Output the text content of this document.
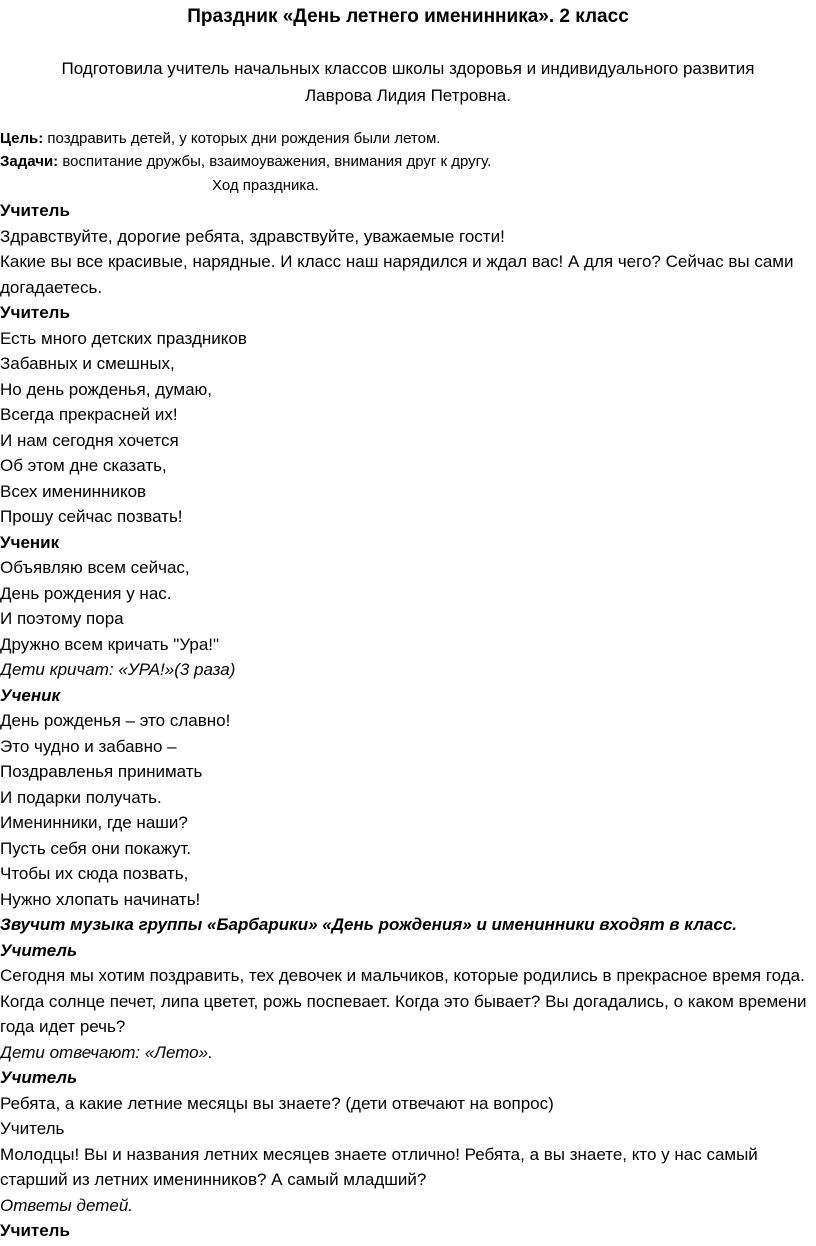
Праздник «День летнего именинника». 2 класс
Подготовила учитель начальных классов школы здоровья и индивидуального развития
Лаврова Лидия Петровна.
Цель: поздравить детей, у которых дни рождения были летом.
Задачи: воспитание дружбы, взаимоуважения, внимания друг к другу.
Ход праздника.
Учитель
Здравствуйте, дорогие ребята, здравствуйте, уважаемые гости!
Какие вы все красивые, нарядные. И класс наш нарядился и ждал вас! А для чего? Сейчас вы сами догадаетесь.
Учитель
Есть много детских праздников
Забавных и смешных,
Но день рожденья, думаю,
Всегда прекрасней их!
И нам сегодня хочется
Об этом дне сказать,
Всех именинников
Прошу сейчас позвать!
Ученик
Объявляю всем сейчас,
День рождения у нас.
И поэтому пора
Дружно всем кричать "Ура!"
Дети кричат: «УРА!»(3 раза)
Ученик
День рожденья – это славно!
Это чудно и забавно –
Поздравленья принимать
И подарки получать.
Именинники, где наши?
Пусть себя они покажут.
Чтобы их сюда позвать,
Нужно хлопать начинать!
Звучит музыка группы «Барбарики» «День рождения» и именинники входят в класс.
Учитель
Сегодня мы хотим поздравить, тех девочек и мальчиков, которые родились в прекрасное время года. Когда солнце печет, липа цветет, рожь поспевает. Когда это бывает? Вы догадались, о каком времени года идет речь?
Дети отвечают: «Лето».
Учитель
Ребята, а какие летние месяцы вы знаете? (дети отвечают на вопрос)
Учитель
Молодцы! Вы и названия летних месяцев знаете отлично! Ребята, а вы знаете, кто у нас самый старший из летних именинников? А самый младший?
Ответы детей.
Учитель
